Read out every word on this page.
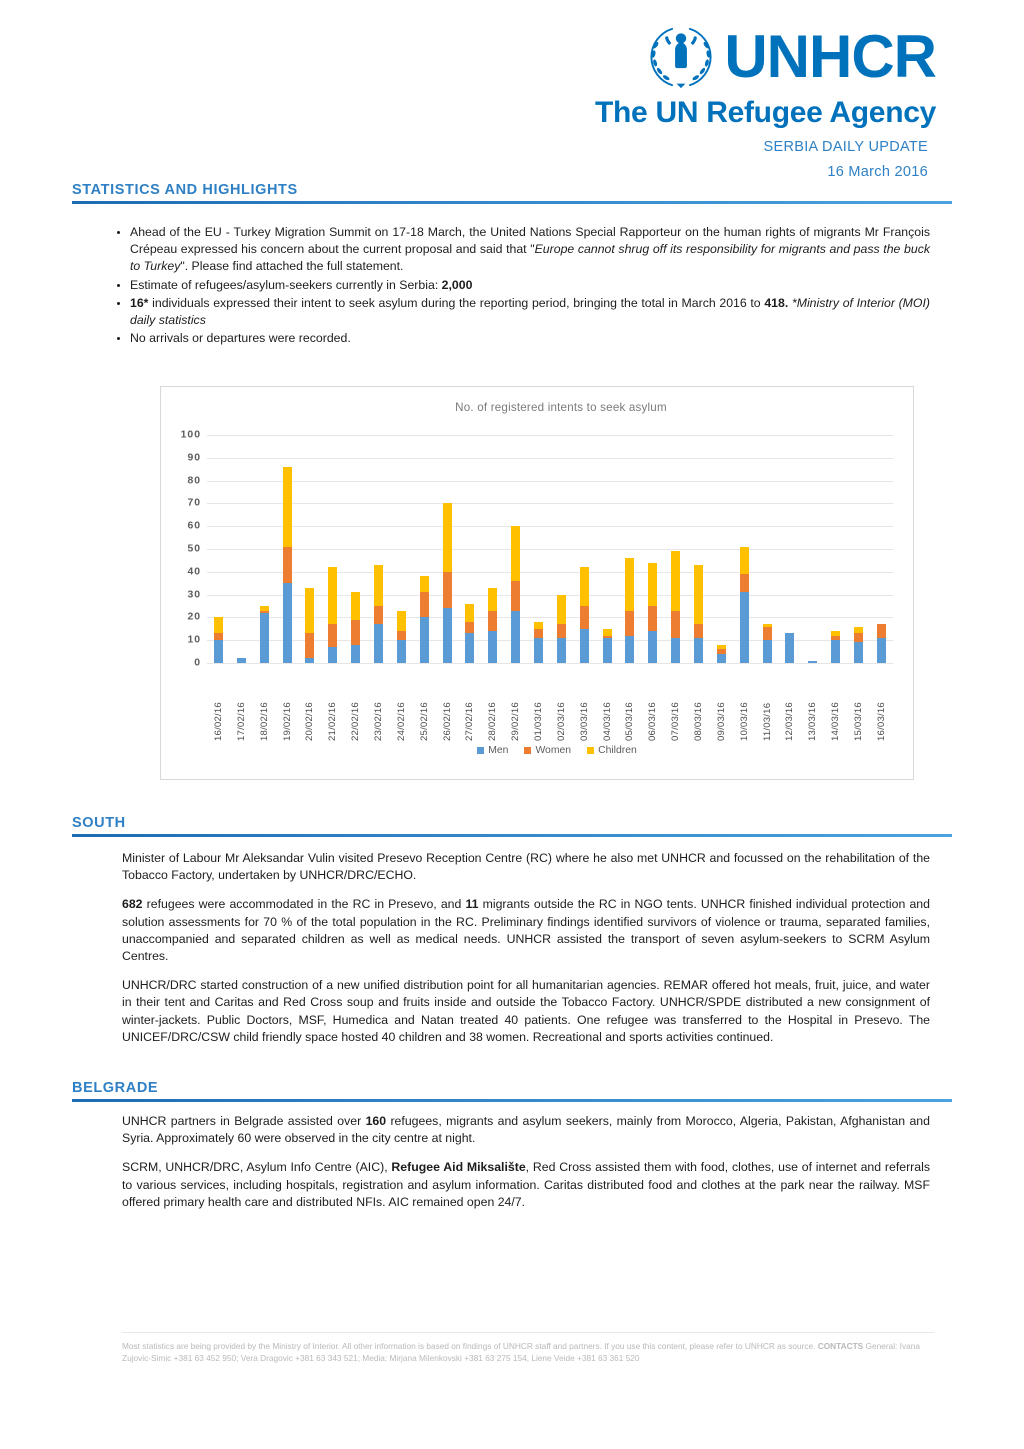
UNHCR
The UN Refugee Agency
SERBIA DAILY UPDATE
16 March 2016
STATISTICS AND HIGHLIGHTS
• Ahead of the EU - Turkey Migration Summit on 17-18 March, the United Nations Special Rapporteur on the human rights of migrants Mr François Crépeau expressed his concern about the current proposal and said that "Europe cannot shrug off its responsibility for migrants and pass the buck to Turkey". Please find attached the full statement.
• Estimate of refugees/asylum-seekers currently in Serbia: 2,000
• 16* individuals expressed their intent to seek asylum during the reporting period, bringing the total in March 2016 to 418. *Ministry of Interior (MOI) daily statistics
• No arrivals or departures were recorded.
No. of registered intents to seek asylum
0
10
20
30
40
50
60
70
80
90
100
16/02/16 17/02/16 18/02/16 19/02/16 20/02/16 21/02/16 22/02/16 23/02/16 24/02/16 25/02/16 26/02/16 27/02/16 28/02/16 29/02/16 01/03/16 02/03/16 03/03/16 04/03/16 05/03/16 06/03/16 07/03/16 08/03/16 09/03/16 10/03/16 11/03/16 12/03/16 13/03/16 14/03/16 15/03/16 16/03/16
Men	Women	Children
SOUTH

Minister of Labour Mr Aleksandar Vulin visited Presevo Reception Centre (RC) where he also met UNHCR and focussed on the rehabilitation of the Tobacco Factory, undertaken by UNHCR/DRC/ECHO.

682 refugees were accommodated in the RC in Presevo, and 11 migrants outside the RC in NGO tents. UNHCR finished individual protection and solution assessments for 70 % of the total population in the RC. Preliminary findings identified survivors of violence or trauma, separated families, unaccompanied and separated children as well as medical needs. UNHCR assisted the transport of seven asylum-seekers to SCRM Asylum Centres.

UNHCR/DRC started construction of a new unified distribution point for all humanitarian agencies. REMAR offered hot meals, fruit, juice, and water in their tent and Caritas and Red Cross soup and fruits inside and outside the Tobacco Factory. UNHCR/SPDE distributed a new consignment of winter-jackets. Public Doctors, MSF, Humedica and Natan treated 40 patients. One refugee was transferred to the Hospital in Presevo. The UNICEF/DRC/CSW child friendly space hosted 40 children and 38 women. Recreational and sports activities continued.

BELGRADE

UNHCR partners in Belgrade assisted over 160 refugees, migrants and asylum seekers, mainly from Morocco, Algeria, Pakistan, Afghanistan and Syria. Approximately 60 were observed in the city centre at night.

SCRM, UNHCR/DRC, Asylum Info Centre (AIC), Refugee Aid Miksalište, Red Cross assisted them with food, clothes, use of internet and referrals to various services, including hospitals, registration and asylum information. Caritas distributed food and clothes at the park near the railway. MSF offered primary health care and distributed NFIs. AIC remained open 24/7.

Most statistics are being provided by the Ministry of Interior. All other information is based on findings of UNHCR staff and partners. If you use this content, please refer to UNHCR as source. CONTACTS General: Ivana Zujovic-Simic +381 63 452 950; Vera Dragovic +381 63 343 521; Media: Mirjana Milenkovski +381 63 275 154, Liene Veide +381 63 361 520
